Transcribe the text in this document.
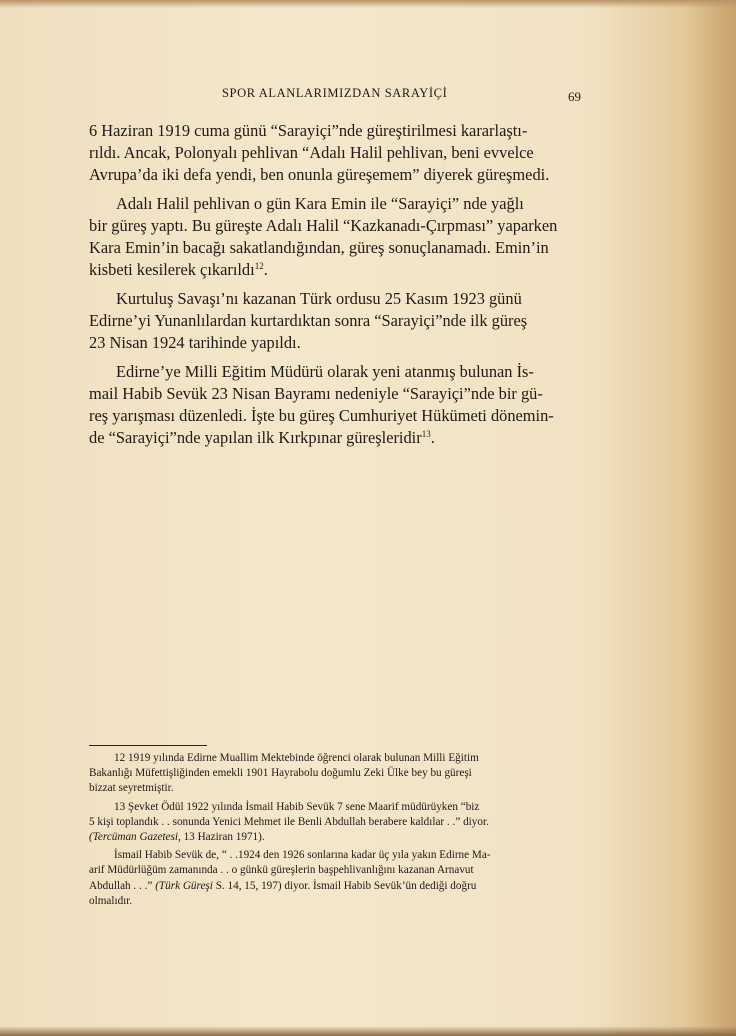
SPOR ALANLARIMIZDAN SARAYİÇİ	69
6 Haziran 1919 cuma günü “Sarayiçi”nde güreştirilmesi kararlaştı-
rıldı. Ancak, Polonyalı pehlivan “Adalı Halil pehlivan, beni evvelce
Avrupa’da iki defa yendi, ben onunla güreşemem” diyerek güreşmedi.
Adalı Halil pehlivan o gün Kara Emin ile “Sarayiçi” nde yağlı
bir güreş yaptı. Bu güreşte Adalı Halil “Kazkanadı-Çırpması” yaparken
Kara Emin’in bacağı sakatlandığından, güreş sonuçlanamadı. Emin’in
kisbeti kesilerek çıkarıldı$^{12}$.
Kurtuluş Savaşı’nı kazanan Türk ordusu 25 Kasım 1923 günü
Edirne’yi Yunanlılardan kurtardıktan sonra “Sarayiçi”nde ilk güreş
23 Nisan 1924 tarihinde yapıldı.
Edirne’ye Milli Eğitim Müdürü olarak yeni atanmış bulunan İs-
mail Habib Sevük 23 Nisan Bayramı nedeniyle “Sarayiçi”nde bir gü-
reş yarışması düzenledi. İşte bu güreş Cumhuriyet Hükümeti dönemin-
de “Sarayiçi”nde yapılan ilk Kırkpınar güreşleridir$^{13}$.
12 1919 yılında Edirne Muallim Mektebinde öğrenci olarak bulunan Milli Eğitim
Bakanlığı Müfettişliğinden emekli 1901 Hayrabolu doğumlu Zeki Ülke bey bu güreşi
bizzat seyretmiştir.
13 Şevket Ödül 1922 yılında İsmail Habib Sevük 7 sene Maarif müdürüyken “biz
5 kişi toplandık . . sonunda Yenici Mehmet ile Benli Abdullah berabere kaldılar . .” diyor.
(Tercüman Gazetesi, 13 Haziran 1971).
İsmail Habib Sevük de, “ . .1924 den 1926 sonlarına kadar üç yıla yakın Edirne Ma-
arif Müdürlüğüm zamanında . . o günkü güreşlerin başpehlivanlığını kazanan Arnavut
Abdullah . . .” (Türk Güreşi S. 14, 15, 197) diyor. İsmail Habib Sevük’ün dediği doğru
olmalıdır.
